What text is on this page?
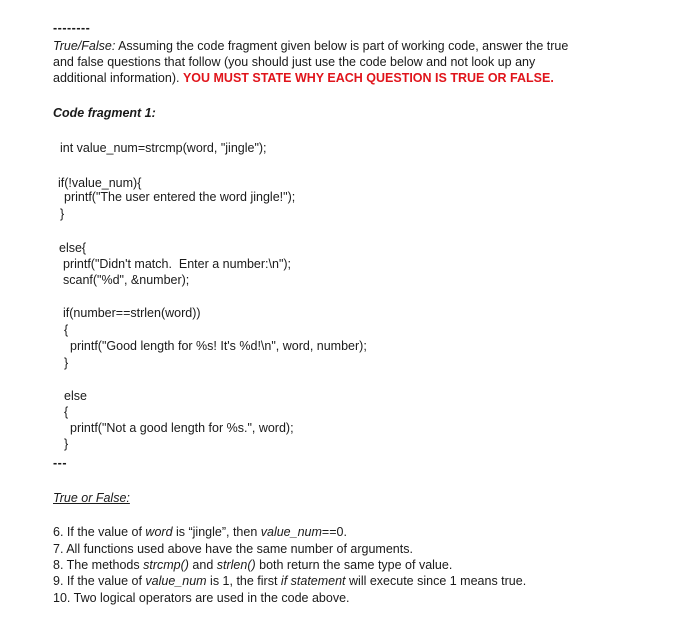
--------
True/False: Assuming the code fragment given below is part of working code, answer the true
and false questions that follow (you should just use the code below and not look up any
additional information). YOU MUST STATE WHY EACH QUESTION IS TRUE OR FALSE.
Code fragment 1:
int value_num=strcmp(word, "jingle");
if(!value_num){
printf("The user entered the word jingle!");
}
else{
printf("Didn't match.  Enter a number:\n");
scanf("%d", &number);
if(number==strlen(word))
{
printf("Good length for %s! It's %d!\n", word, number);
}
else
{
printf("Not a good length for %s.", word);
}
---
True or False:
6. If the value of word is “jingle”, then value_num==0.
7. All functions used above have the same number of arguments.
8. The methods strcmp() and strlen() both return the same type of value.
9. If the value of value_num is 1, the first if statement will execute since 1 means true.
10. Two logical operators are used in the code above.
